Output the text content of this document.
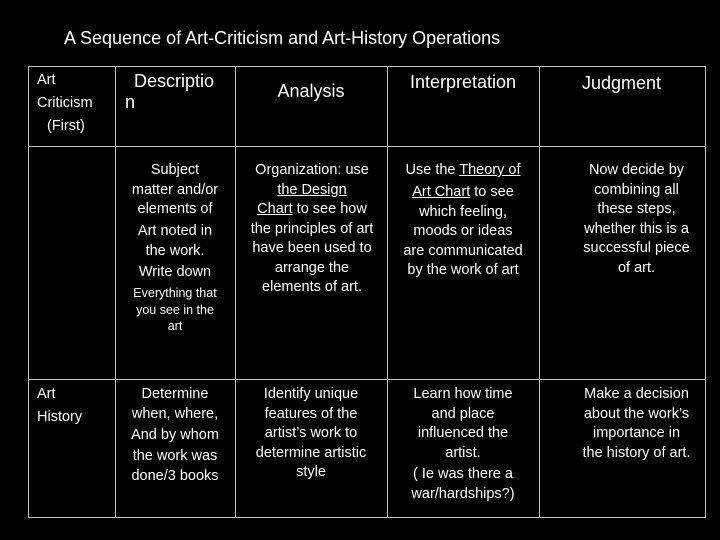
A Sequence of Art-Criticism and Art-History Operations
Art
Criticism
(First)
Descriptio
n
Analysis	Interpretation	Judgment
Subject
matter and/or
elements of
Art noted in
the work.
Write down
Everything that
you see in the
art
Organization: use
the Design
Chart to see how
the principles of art
have been used to
arrange the
elements of art.
Use the Theory of
Art Chart to see
which feeling,
moods or ideas
are communicated
by the work of art
Now decide by
combining all
these steps,
whether this is a
successful piece
of art.
Art
History
Determine
when, where,
And by whom
the work was
done/3 books
Identify unique
features of the
artist’s work to
determine artistic
style
Learn how time
and place
influenced the
artist.
( Ie was there a
war/hardships?)
Make a decision
about the work’s
importance in
the history of art.
